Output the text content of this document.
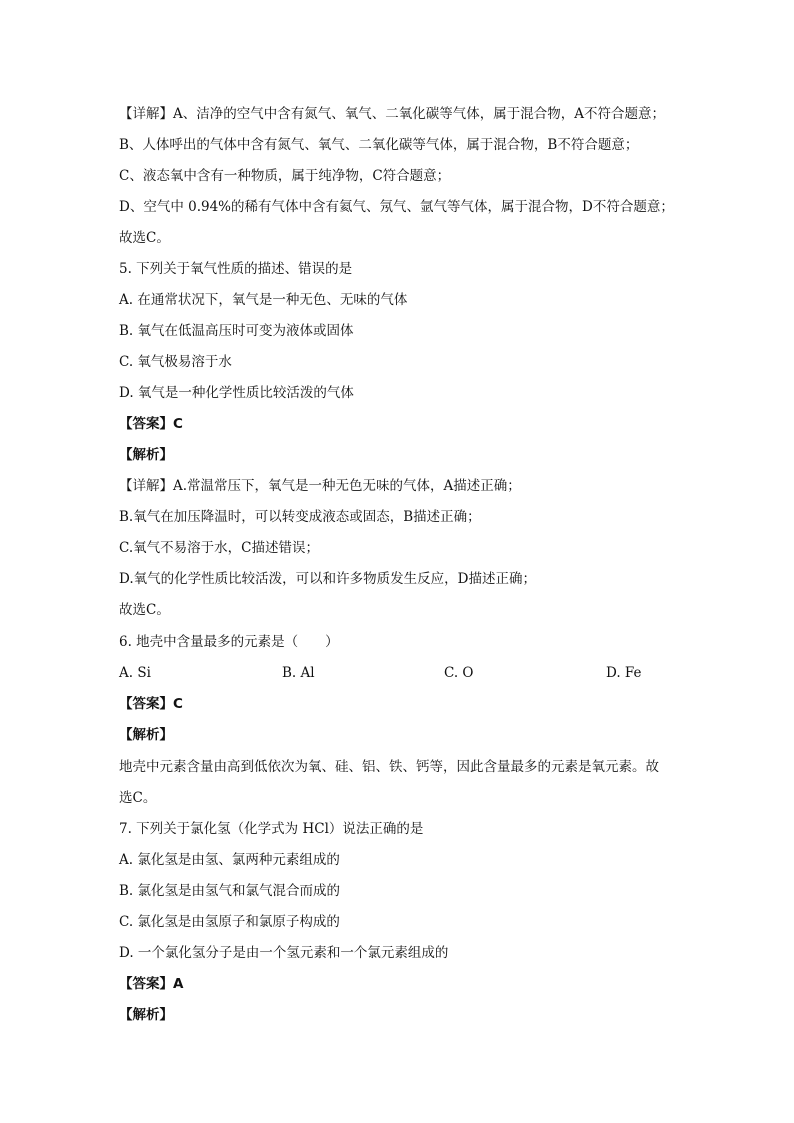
【详解】A、洁净的空气中含有氮气、氧气、二氧化碳等气体，属于混合物，A不符合题意；
B、人体呼出的气体中含有氮气、氧气、二氧化碳等气体，属于混合物，B不符合题意；
C、液态氧中含有一种物质，属于纯净物，C符合题意；
D、空气中 0.94%的稀有气体中含有氦气、氖气、氩气等气体，属于混合物，D不符合题意；
故选C。
5. 下列关于氧气性质的描述、错误的是
A. 在通常状况下，氧气是一种无色、无味的气体
B. 氧气在低温高压时可变为液体或固体
C. 氧气极易溶于水
D. 氧气是一种化学性质比较活泼的气体
【答案】C
【解析】
【详解】A.常温常压下，氧气是一种无色无味的气体，A描述正确；
B.氧气在加压降温时，可以转变成液态或固态，B描述正确；
C.氧气不易溶于水，C描述错误；
D.氧气的化学性质比较活泼，可以和许多物质发生反应，D描述正确；
故选C。
6. 地壳中含量最多的元素是（　　）
A. Si	B. Al	C. O	D. Fe
【答案】C
【解析】
地壳中元素含量由高到低依次为氧、硅、铝、铁、钙等，因此含量最多的元素是氧元素。故
选C。
7. 下列关于氯化氢（化学式为 HCl）说法正确的是
A. 氯化氢是由氢、氯两种元素组成的
B. 氯化氢是由氢气和氯气混合而成的
C. 氯化氢是由氢原子和氯原子构成的
D. 一个氯化氢分子是由一个氢元素和一个氯元素组成的
【答案】A
【解析】
